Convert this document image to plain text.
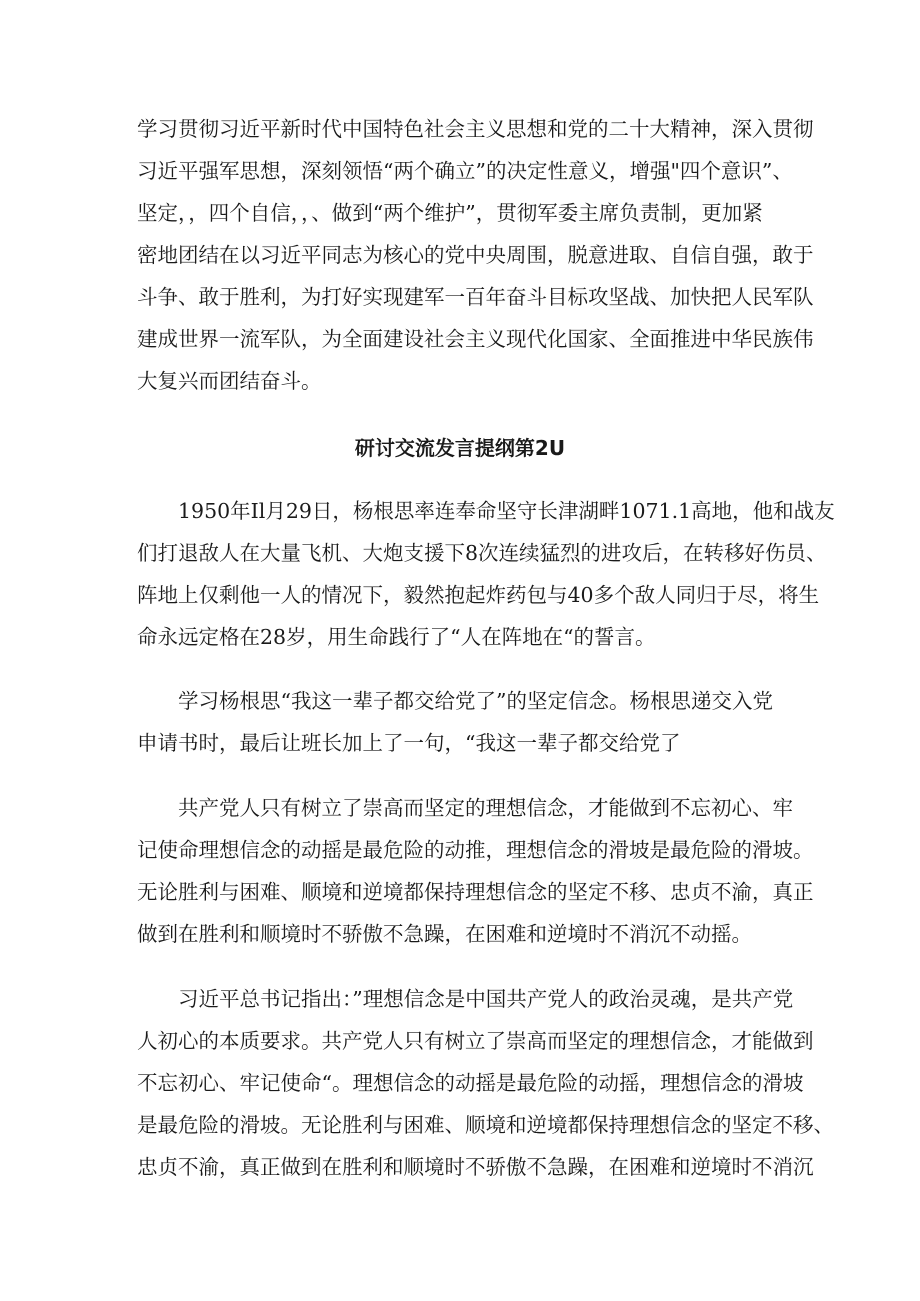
学习贯彻习近平新时代中国特色社会主义思想和党的二十大精神，深入贯彻

习近平强军思想，深刻领悟“两个确立”的决定性意义，增强"四个意识”、

坚定，，四个自信，，、做到“两个维护”，贯彻军委主席负责制，更加紧

密地团结在以习近平同志为核心的党中央周围，脱意进取、自信自强，敢于

斗争、敢于胜利，为打好实现建军一百年奋斗目标攻坚战、加快把人民军队

建成世界一流军队，为全面建设社会主义现代化国家、全面推进中华民族伟

大复兴而团结奋斗。

研讨交流发言提纲第2U

1950年Il月29日，杨根思率连奉命坚守长津湖畔1071.1高地，他和战友

们打退敌人在大量飞机、大炮支援下8次连续猛烈的进攻后，在转移好伤员、

阵地上仅剩他一人的情况下，毅然抱起炸药包与40多个敌人同归于尽，将生

命永远定格在28岁，用生命践行了“人在阵地在“的誓言。

学习杨根思“我这一辈子都交给党了”的坚定信念。杨根思递交入党

申请书时，最后让班长加上了一句，“我这一辈子都交给党了

共产党人只有树立了崇高而坚定的理想信念，才能做到不忘初心、牢

记使命理想信念的动摇是最危险的动推，理想信念的滑坡是最危险的滑坡。

无论胜利与困难、顺境和逆境都保持理想信念的坚定不移、忠贞不渝，真正

做到在胜利和顺境时不骄傲不急躁，在困难和逆境时不消沉不动摇。

习近平总书记指出：”理想信念是中国共产党人的政治灵魂，是共产党

人初心的本质要求。共产党人只有树立了崇高而坚定的理想信念，才能做到

不忘初心、牢记使命“。理想信念的动摇是最危险的动摇，理想信念的滑坡

是最危险的滑坡。无论胜利与困难、顺境和逆境都保持理想信念的坚定不移、

忠贞不渝，真正做到在胜利和顺境时不骄傲不急躁，在困难和逆境时不消沉
